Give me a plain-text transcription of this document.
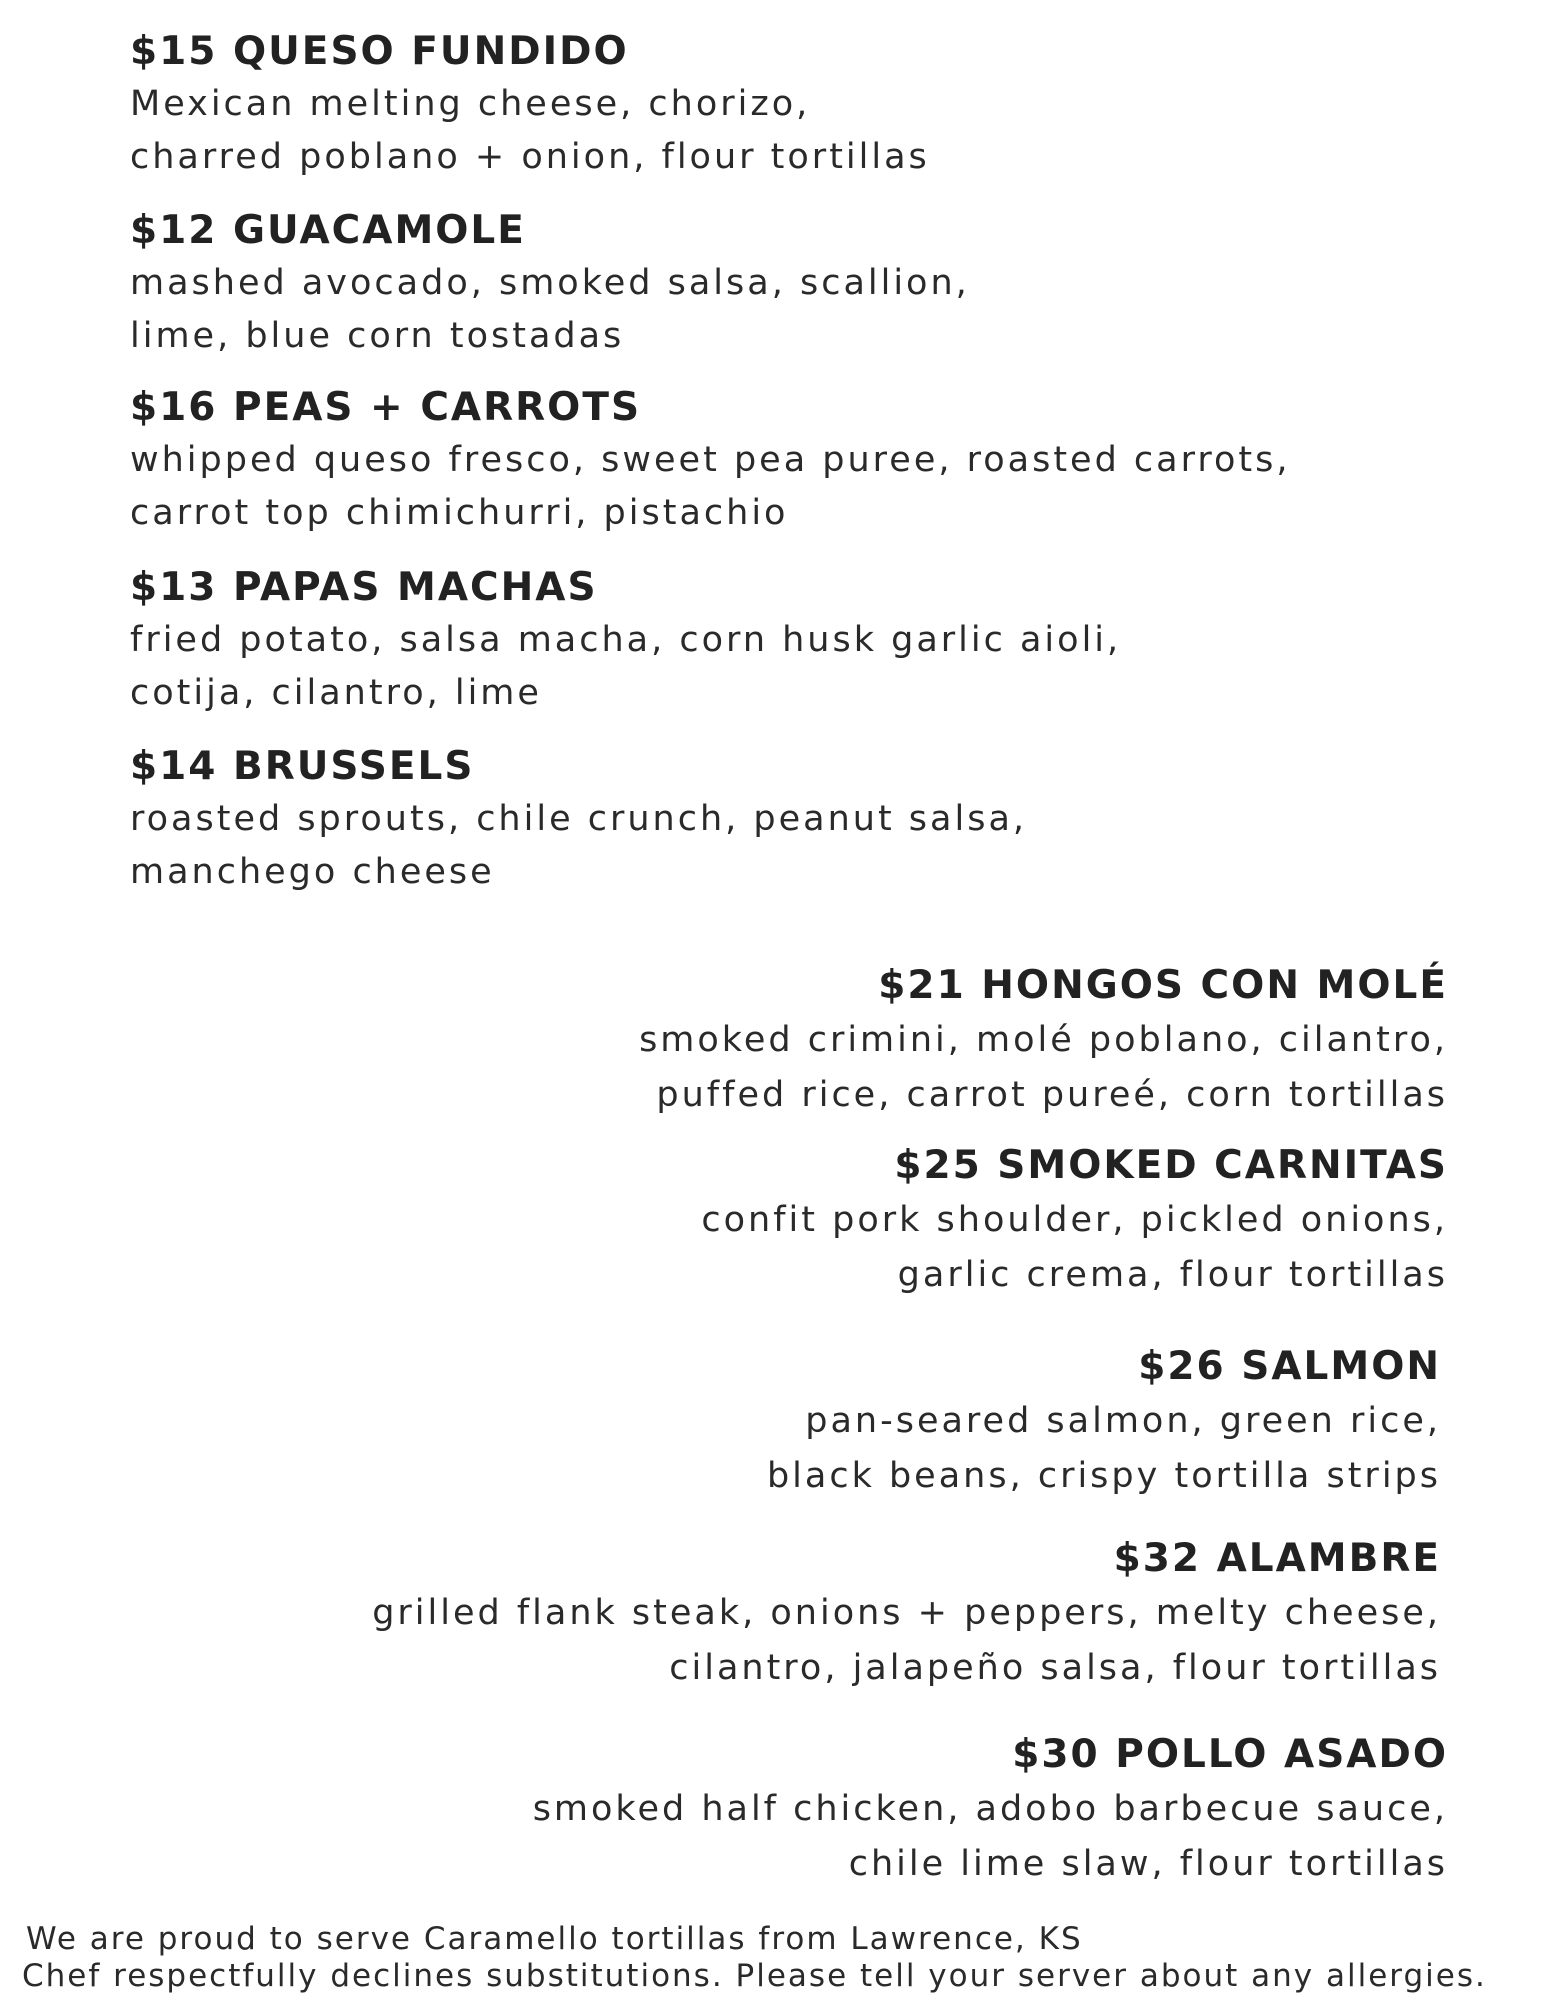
$15 QUESO FUNDIDO
Mexican melting cheese, chorizo,
charred poblano + onion, flour tortillas
$12 GUACAMOLE
mashed avocado, smoked salsa, scallion,
lime, blue corn tostadas
$16 PEAS + CARROTS
whipped queso fresco, sweet pea puree, roasted carrots,
carrot top chimichurri, pistachio
$13 PAPAS MACHAS
fried potato, salsa macha, corn husk garlic aioli,
cotija, cilantro, lime
$14 BRUSSELS
roasted sprouts, chile crunch, peanut salsa,
manchego cheese
$21 HONGOS CON MOLÉ
smoked crimini, molé poblano, cilantro,
puffed rice, carrot pureé, corn tortillas
$25 SMOKED CARNITAS
confit pork shoulder, pickled onions,
garlic crema, flour tortillas
$26 SALMON
pan-seared salmon, green rice,
black beans, crispy tortilla strips
$32 ALAMBRE
grilled flank steak, onions + peppers, melty cheese,
cilantro, jalapeño salsa, flour tortillas
$30 POLLO ASADO
smoked half chicken, adobo barbecue sauce,
chile lime slaw, flour tortillas
We are proud to serve Caramello tortillas from Lawrence, KS
Chef respectfully declines substitutions. Please tell your server about any allergies.
